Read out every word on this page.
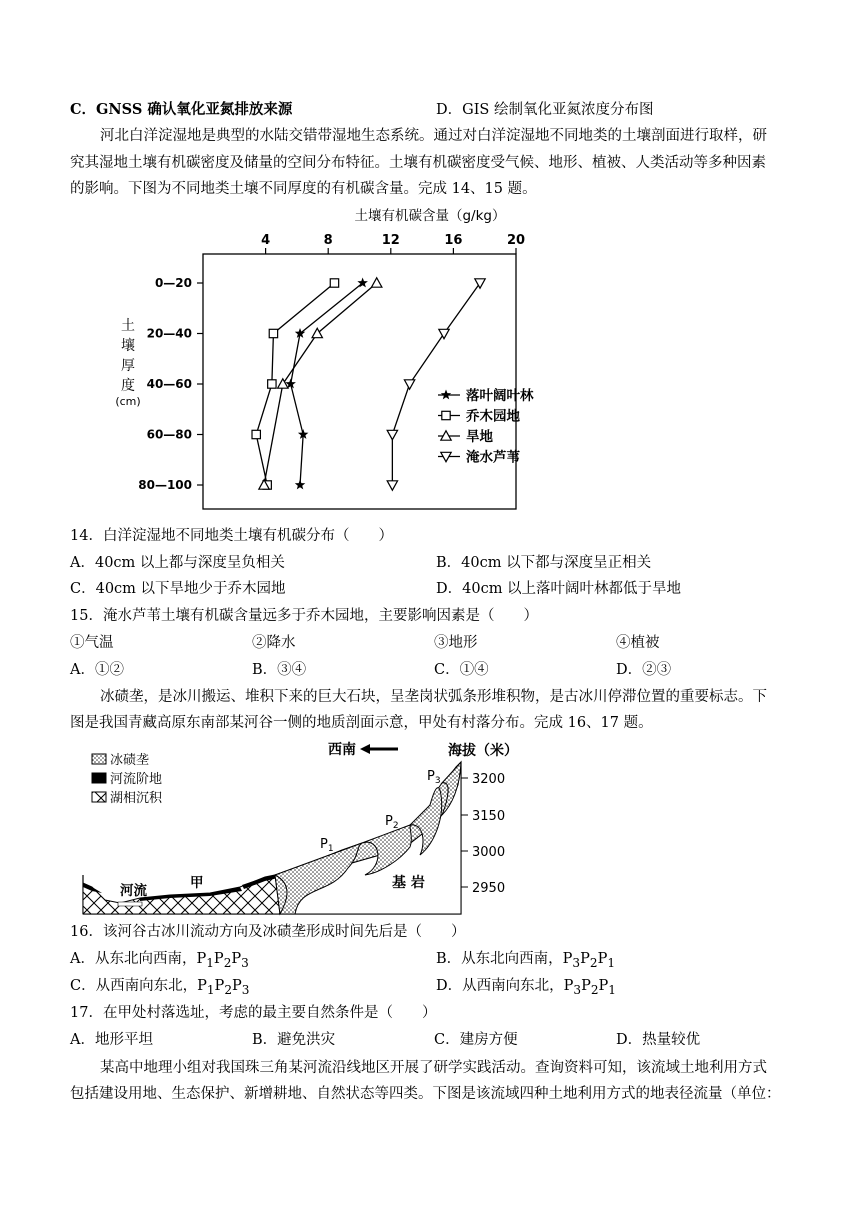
C．GNSS 确认氧化亚氮排放来源	D．GIS 绘制氧化亚氮浓度分布图
河北白洋淀湿地是典型的水陆交错带湿地生态系统。通过对白洋淀湿地不同地类的土壤剖面进行取样，研
究其湿地土壤有机碳密度及储量的空间分布特征。土壤有机碳密度受气候、地形、植被、人类活动等多种因素
的影响。下图为不同地类土壤不同厚度的有机碳含量。完成 14、15 题。
土壤有机碳含量（g/kg）
4	8	12	16	20
0—20
20—40
40—60
60—80
80—100
土
壤
厚
度
(cm)	落叶阔叶林
乔木园地
旱地
淹水芦苇
14．白洋淀湿地不同地类土壤有机碳分布（　　）
A．40cm 以上都与深度呈负相关	B．40cm 以下都与深度呈正相关
C．40cm 以下旱地少于乔木园地	D．40cm 以上落叶阔叶林都低于旱地
15．淹水芦苇土壤有机碳含量远多于乔木园地，主要影响因素是（　　）
①气温	②降水	③地形	④植被
A．①②	B．③④	C．①④	D．②③
冰碛垄，是冰川搬运、堆积下来的巨大石块，呈垄岗状弧条形堆积物，是古冰川停滞位置的重要标志。下
图是我国青藏高原东南部某河谷一侧的地质剖面示意，甲处有村落分布。完成 16、17 题。
冰碛垄
河流阶地
湖相沉积
西南	海拔（米）
3200
3150
3000
2950
河流	甲	基 岩
$P_1$
$P_2$
$P_3$
16．该河谷古冰川流动方向及冰碛垄形成时间先后是（　　）
A．从东北向西南，$P_1P_2P_3$	B．从东北向西南，$P_3P_2P_1$
C．从西南向东北，$P_1P_2P_3$	D．从西南向东北，$P_3P_2P_1$
17．在甲处村落选址，考虑的最主要自然条件是（　　）
A．地形平坦	B．避免洪灾	C．建房方便	D．热量较优
某高中地理小组对我国珠三角某河流沿线地区开展了研学实践活动。查询资料可知，该流域土地利用方式
包括建设用地、生态保护、新增耕地、自然状态等四类。下图是该流域四种土地利用方式的地表径流量（单位：
